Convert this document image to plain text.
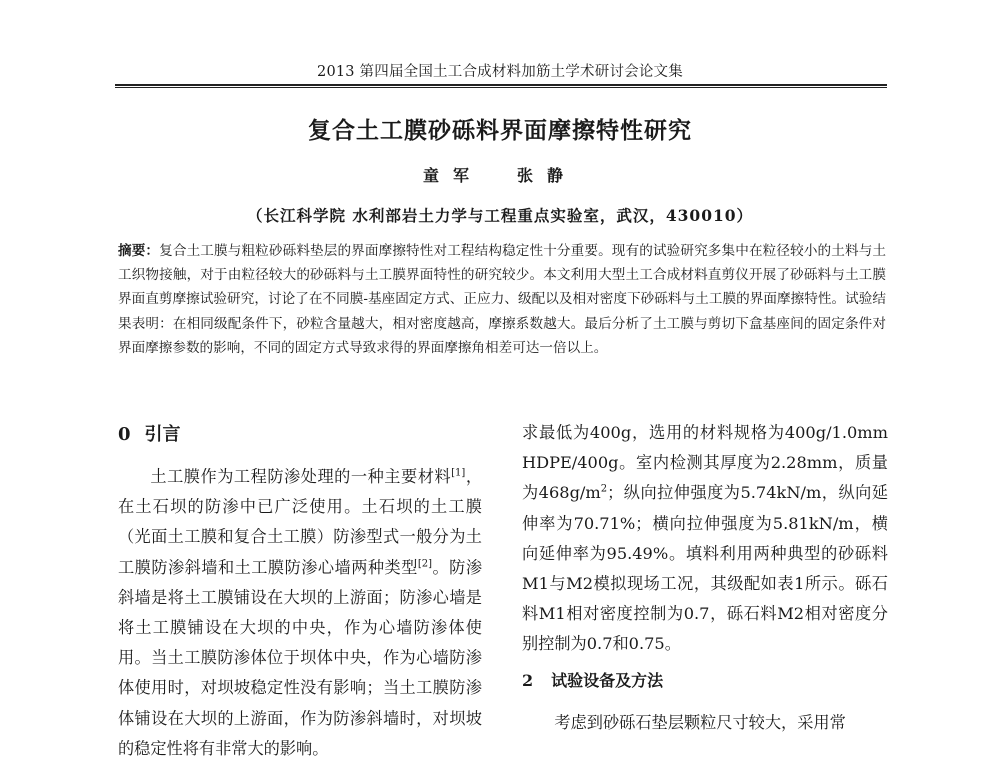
2013 第四届全国土工合成材料加筋土学术研讨会论文集
复合土工膜砂砾料界面摩擦特性研究
童军 张静
（长江科学院 水利部岩土力学与工程重点实验室，武汉，430010）

摘要：复合土工膜与粗粒砂砾料垫层的界面摩擦特性对工程结构稳定性十分重要。现有的试验研究多集中在粒径较小的土料与土工织物接触，对于由粒径较大的砂砾料与土工膜界面特性的研究较少。本文利用大型土工合成材料直剪仪开展了砂砾料与土工膜界面直剪摩擦试验研究，讨论了在不同膜-基座固定方式、正应力、级配以及相对密度下砂砾料与土工膜的界面摩擦特性。试验结果表明：在相同级配条件下，砂粒含量越大，相对密度越高，摩擦系数越大。最后分析了土工膜与剪切下盒基座间的固定条件对界面摩擦参数的影响，不同的固定方式导致求得的界面摩擦角相差可达一倍以上。

0 引言

土工膜作为工程防渗处理的一种主要材料[1]，在土石坝的防渗中已广泛使用。土石坝的土工膜（光面土工膜和复合土工膜）防渗型式一般分为土工膜防渗斜墙和土工膜防渗心墙两种类型[2]。防渗斜墙是将土工膜铺设在大坝的上游面；防渗心墙是将土工膜铺设在大坝的中央，作为心墙防渗体使用。当土工膜防渗体位于坝体中央，作为心墙防渗体使用时，对坝坡稳定性没有影响；当土工膜防渗体铺设在大坝的上游面，作为防渗斜墙时，对坝坡的稳定性将有非常大的影响。

求最低为400g，选用的材料规格为400g/1.0mm HDPE/400g。室内检测其厚度为2.28mm，质量为$468g/m^2$；纵向拉伸强度为5.74kN/m，纵向延伸率为70.71%；横向拉伸强度为5.81kN/m，横向延伸率为95.49%。填料利用两种典型的砂砾料M1与M2模拟现场工况，其级配如表1所示。砾石料M1相对密度控制为0.7，砾石料M2相对密度分别控制为0.7和0.75。

2 试验设备及方法

考虑到砂砾石垫层颗粒尺寸较大，采用常
